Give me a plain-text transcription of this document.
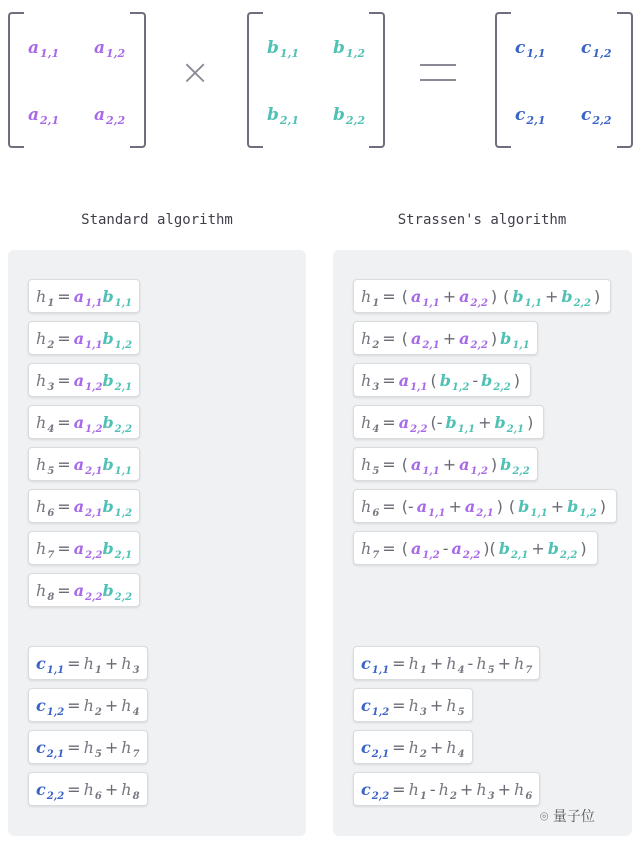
$a_{1,1}$ $a_{1,2}$
$a_{2,1}$ $a_{2,2}$
×
$b_{1,1}$ $b_{1,2}$
$b_{2,1}$ $b_{2,2}$
$c_{1,1}$ $c_{1,2}$
$c_{2,1}$ $c_{2,2}$
Standard algorithm	Strassen's algorithm
$h_1 = a_{1,1}b_{1,1}$
$h_2 = a_{1,1}b_{1,2}$
$h_3 = a_{1,2}b_{2,1}$
$h_4 = a_{1,2}b_{2,2}$
$h_5 = a_{2,1}b_{1,1}$
$h_6 = a_{2,1}b_{1,2}$
$h_7 = a_{2,2}b_{2,1}$
$h_8 = a_{2,2}b_{2,2}$
$c_{1,1} = h_1 + h_3$
$c_{1,2} = h_2 + h_4$
$c_{2,1} = h_5 + h_7$
$c_{2,2} = h_6 + h_8$
$h_1$ = ( $a_{1,1} + a_{2,2}$ ) ( $b_{1,1} + b_{2,2}$ )
$h_2$ = ( $a_{2,1} + a_{2,2}$ ) $b_{1,1}$
$h_3 = a_{1,1}$ ( $b_{1,2} - b_{2,2}$ )
$h_4 = a_{2,2}$ (- $b_{1,1} + b_{2,1}$ )
$h_5$ = ( $a_{1,1} + a_{1,2}$ ) $b_{2,2}$
$h_6$ = (- $a_{1,1} + a_{2,1}$ ) ( $b_{1,1} + b_{1,2}$ )
$h_7$ = ( $a_{1,2} - a_{2,2}$ )( $b_{2,1} + b_{2,2}$ )
$c_{1,1} = h_1 + h_4 - h_5 + h_7$
$c_{1,2} = h_3 + h_5$
$c_{2,1} = h_2 + h_4$
$c_{2,2} = h_1 - h_2 + h_3 + h_6$
⌾ 量子位
